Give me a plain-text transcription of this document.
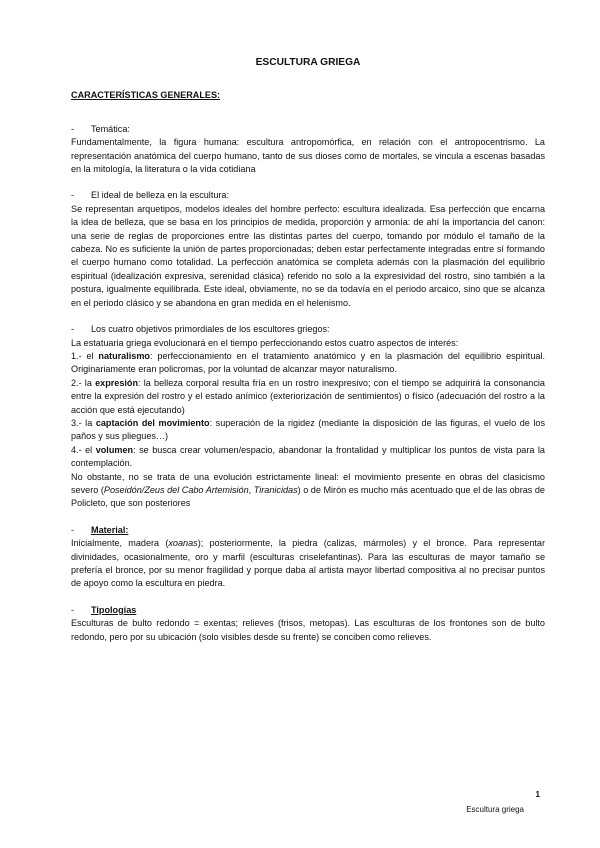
ESCULTURA GRIEGA
CARACTERÍSTICAS GENERALES:
-	Temática:

Fundamentalmente, la figura humana: escultura antropomórfica, en relación con el antropocentrismo. La representación anatómica del cuerpo humano, tanto de sus dioses como de mortales, se vincula a escenas basadas en la mitología, la literatura o la vida cotidiana

-	El ideal de belleza en la escultura:

Se representan arquetipos, modelos ideales del hombre perfecto: escultura idealizada. Esa perfección que encarna la idea de belleza, que se basa en los principios de medida, proporción y armonía: de ahí la importancia del canon: una serie de reglas de proporciones entre las distintas partes del cuerpo, tomando por módulo el tamaño de la cabeza. No es suficiente la unión de partes proporcionadas; deben estar perfectamente integradas entre sí formando el cuerpo humano como totalidad. La perfección anatómica se completa además con la plasmación del equilibrio espiritual (idealización expresiva, serenidad clásica) referido no solo a la expresividad del rostro, sino también a la postura, igualmente equilibrada. Este ideal, obviamente, no se da todavía en el periodo arcaico, sino que se alcanza en el periodo clásico y se abandona en gran medida en el helenismo.

-	Los cuatro objetivos primordiales de los escultores griegos:

La estatuaria griega evolucionará en el tiempo perfeccionando estos cuatro aspectos de interés:

1.- el naturalismo: perfeccionamiento en el tratamiento anatómico y en la plasmación del equilibrio espiritual. Originariamente eran policromas, por la voluntad de alcanzar mayor naturalismo.

2.- la expresión: la belleza corporal resulta fría en un rostro inexpresivo; con el tiempo se adquirirá la consonancia entre la expresión del rostro y el estado anímico (exteriorización de sentimientos) o físico (adecuación del rostro a la acción que está ejecutando)

3.- la captación del movimiento: superación de la rigidez (mediante la disposición de las figuras, el vuelo de los paños y sus pliegues…)

4.- el volumen: se busca crear volumen/espacio, abandonar la frontalidad y multiplicar los puntos de vista para la contemplación.

No obstante, no se trata de una evolución estrictamente lineal: el movimiento presente en obras del clasicismo severo (Poseidón/Zeus del Cabo Artemisión, Tiranicidas) o de Mirón es mucho más acentuado que el de las obras de Policleto, que son posteriores

-	Material:

Inicialmente, madera (xoanas); posteriormente, la piedra (calizas, mármoles) y el bronce. Para representar divinidades, ocasionalmente, oro y marfil (esculturas criselefantinas). Para las esculturas de mayor tamaño se prefería el bronce, por su menor fragilidad y porque daba al artista mayor libertad compositiva al no precisar puntos de apoyo como la escultura en piedra.

-	Tipologías

Esculturas de bulto redondo = exentas; relieves (frisos, metopas). Las esculturas de los frontones son de bulto redondo, pero por su ubicación (solo visibles desde su frente) se conciben como relieves.

1
Escultura griega
